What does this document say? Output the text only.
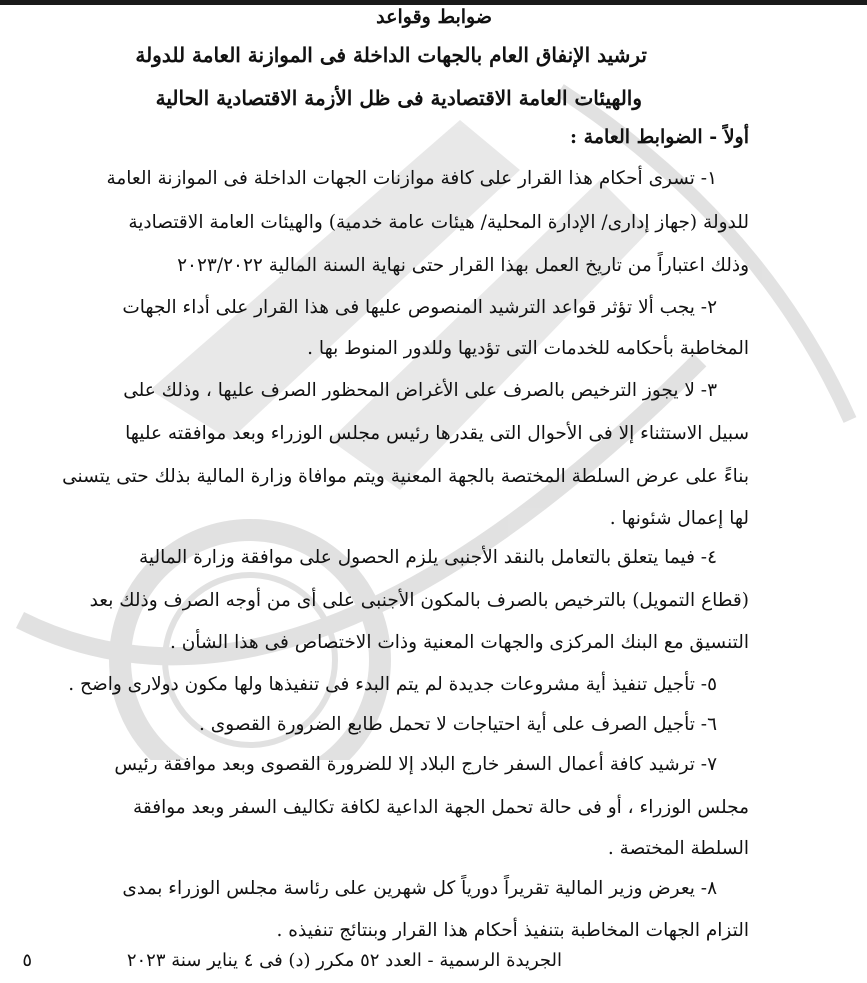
ضوابط وقواعد
ترشيد الإنفاق العام بالجهات الداخلة فى الموازنة العامة للدولة
والهيئات العامة الاقتصادية فى ظل الأزمة الاقتصادية الحالية
أولاً - الضوابط العامة :
١- تسرى أحكام هذا القرار على كافة موازنات الجهات الداخلة فى الموازنة العامة
للدولة (جهاز إدارى/ الإدارة المحلية/ هيئات عامة خدمية) والهيئات العامة الاقتصادية
وذلك اعتباراً من تاريخ العمل بهذا القرار حتى نهاية السنة المالية ٢٠٢٣/٢٠٢٢
٢- يجب ألا تؤثر قواعد الترشيد المنصوص عليها فى هذا القرار على أداء الجهات
المخاطبة بأحكامه للخدمات التى تؤديها وللدور المنوط بها .
٣- لا يجوز الترخيص بالصرف على الأغراض المحظور الصرف عليها ، وذلك على
سبيل الاستثناء إلا فى الأحوال التى يقدرها رئيس مجلس الوزراء وبعد موافقته عليها
بناءً على عرض السلطة المختصة بالجهة المعنية ويتم موافاة وزارة المالية بذلك حتى يتسنى
لها إعمال شئونها .
٤- فيما يتعلق بالتعامل بالنقد الأجنبى يلزم الحصول على موافقة وزارة المالية
(قطاع التمويل) بالترخيص بالصرف بالمكون الأجنبى على أى من أوجه الصرف وذلك بعد
التنسيق مع البنك المركزى والجهات المعنية وذات الاختصاص فى هذا الشأن .
٥- تأجيل تنفيذ أية مشروعات جديدة لم يتم البدء فى تنفيذها ولها مكون دولارى واضح .
٦- تأجيل الصرف على أية احتياجات لا تحمل طابع الضرورة القصوى .
٧- ترشيد كافة أعمال السفر خارج البلاد إلا للضرورة القصوى وبعد موافقة رئيس
مجلس الوزراء ، أو فى حالة تحمل الجهة الداعية لكافة تكاليف السفر وبعد موافقة
السلطة المختصة .
٨- يعرض وزير المالية تقريراً دورياً كل شهرين على رئاسة مجلس الوزراء بمدى
التزام الجهات المخاطبة بتنفيذ أحكام هذا القرار وبنتائج تنفيذه .
الجريدة الرسمية - العدد ٥٢ مكرر (د) فى ٤ يناير سنة ٢٠٢٣
٥
